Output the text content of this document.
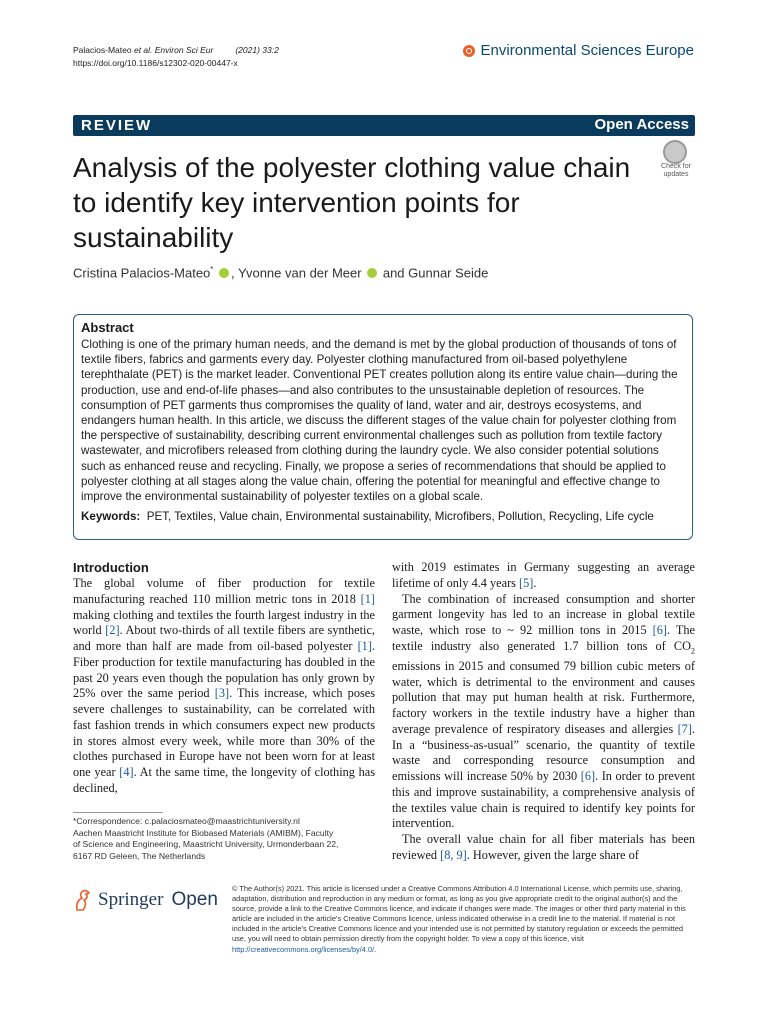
Palacios-Mateo et al. Environ Sci Eur	(2021) 33:2
https://doi.org/10.1186/s12302-020-00447-x
Environmental Sciences Europe
REVIEW	Open Access
Analysis of the polyester clothing value chain to identify key intervention points for sustainability
Check for updates
Cristina Palacios-Mateo* , Yvonne van der Meer  and Gunnar Seide
Abstract

Clothing is one of the primary human needs, and the demand is met by the global production of thousands of tons of textile fibers, fabrics and garments every day. Polyester clothing manufactured from oil-based polyethylene terephthalate (PET) is the market leader. Conventional PET creates pollution along its entire value chain—during the production, use and end-of-life phases—and also contributes to the unsustainable depletion of resources. The consumption of PET garments thus compromises the quality of land, water and air, destroys ecosystems, and endangers human health. In this article, we discuss the different stages of the value chain for polyester clothing from the perspective of sustainability, describing current environmental challenges such as pollution from textile factory wastewater, and microfibers released from clothing during the laundry cycle. We also consider potential solutions such as enhanced reuse and recycling. Finally, we propose a series of recommendations that should be applied to polyester clothing at all stages along the value chain, offering the potential for meaningful and effective change to improve the environmental sustainability of polyester textiles on a global scale.

Keywords: PET, Textiles, Value chain, Environmental sustainability, Microfibers, Pollution, Recycling, Life cycle
Introduction

The global volume of fiber production for textile manufacturing reached 110 million metric tons in 2018 [1] making clothing and textiles the fourth largest industry in the world [2]. About two-thirds of all textile fibers are synthetic, and more than half are made from oil-based polyester [1]. Fiber production for textile manufacturing has doubled in the past 20 years even though the population has only grown by 25% over the same period [3]. This increase, which poses severe challenges to sustainability, can be correlated with fast fashion trends in which consumers expect new products in stores almost every week, while more than 30% of the clothes purchased in Europe have not been worn for at least one year [4]. At the same time, the longevity of clothing has declined,

with 2019 estimates in Germany suggesting an average lifetime of only 4.4 years [5].

The combination of increased consumption and shorter garment longevity has led to an increase in global textile waste, which rose to ~ 92 million tons in 2015 [6]. The textile industry also generated 1.7 billion tons of $CO_2$ emissions in 2015 and consumed 79 billion cubic meters of water, which is detrimental to the environment and causes pollution that may put human health at risk. Furthermore, factory workers in the textile industry have a higher than average prevalence of respiratory diseases and allergies [7]. In a “business-as-usual” scenario, the quantity of textile waste and corresponding resource consumption and emissions will increase 50% by 2030 [6]. In order to prevent this and improve sustainability, a comprehensive analysis of the textiles value chain is required to identify key points for intervention.

The overall value chain for all fiber materials has been reviewed [8, 9]. However, given the large share of

*Correspondence: c.palaciosmateo@maastrichtuniversity.nl
Aachen Maastricht Institute for Biobased Materials (AMIBM), Faculty
of Science and Engineering, Maastricht University, Urmonderbaan 22,
6167 RD Geleen, The Netherlands
Springer Open
© The Author(s) 2021. This article is licensed under a Creative Commons Attribution 4.0 International License, which permits use, sharing, adaptation, distribution and reproduction in any medium or format, as long as you give appropriate credit to the original author(s) and the source, provide a link to the Creative Commons licence, and indicate if changes were made. The images or other third party material in this article are included in the article’s Creative Commons licence, unless indicated otherwise in a credit line to the material. If material is not included in the article’s Creative Commons licence and your intended use is not permitted by statutory regulation or exceeds the permitted use, you will need to obtain permission directly from the copyright holder. To view a copy of this licence, visit http://creativecommons.org/licenses/by/4.0/.
